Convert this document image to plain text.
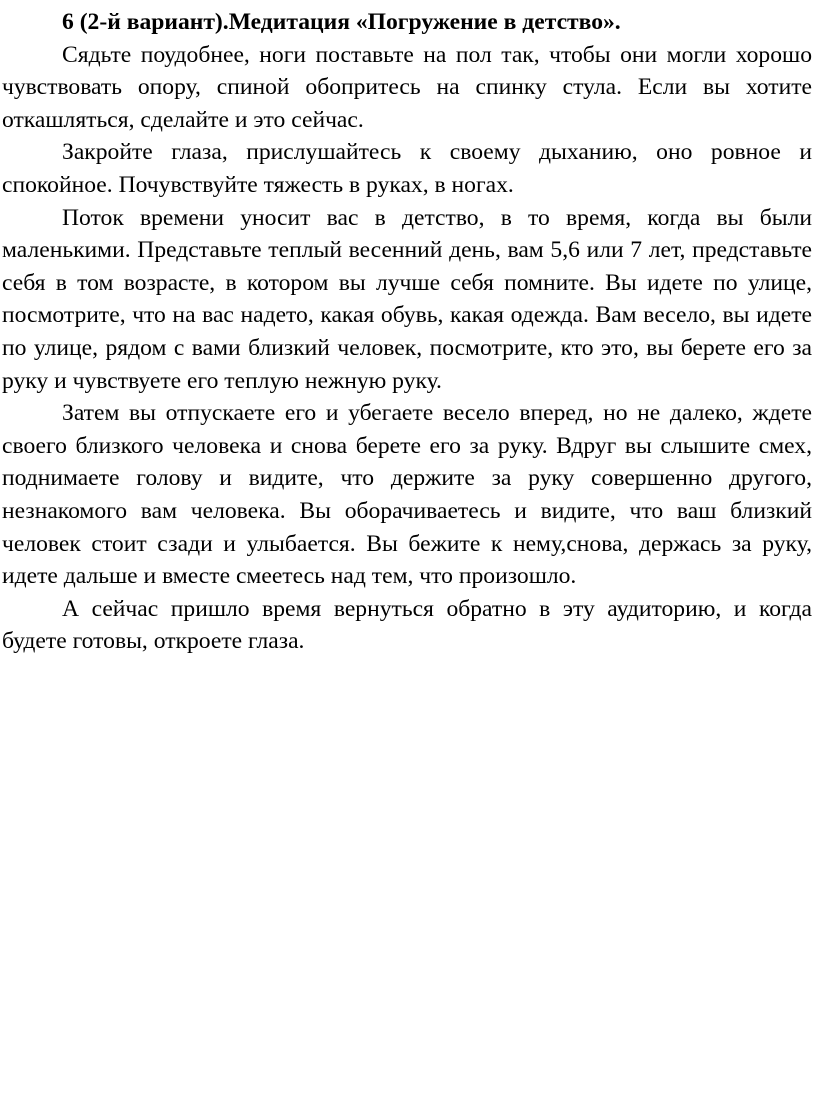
6 (2-й вариант).Медитация «Погружение в детство».

Сядьте поудобнее, ноги поставьте на пол так, чтобы они могли хорошо чувствовать опору, спиной обопритесь на спинку стула. Если вы хотите откашляться, сделайте и это сейчас.

Закройте глаза, прислушайтесь к своему дыханию, оно ровное и спокойное. Почувствуйте тяжесть в руках, в ногах.

Поток времени уносит вас в детство, в то время, когда вы были маленькими. Представьте теплый весенний день, вам 5,6 или 7 лет, представьте себя в том возрасте, в котором вы лучше себя помните. Вы идете по улице, посмотрите, что на вас надето, какая обувь, какая одежда. Вам весело, вы идете по улице, рядом с вами близкий человек, посмотрите, кто это, вы берете его за руку и чувствуете его теплую нежную руку.

Затем вы отпускаете его и убегаете весело вперед, но не далеко, ждете своего близкого человека и снова берете его за руку. Вдруг вы слышите смех, поднимаете голову и видите, что держите за руку совершенно другого, незнакомого вам человека. Вы оборачиваетесь и видите, что ваш близкий человек стоит сзади и улыбается. Вы бежите к нему,снова, держась за руку, идете дальше и вместе смеетесь над тем, что произошло.

А сейчас пришло время вернуться обратно в эту аудиторию, и когда будете готовы, откроете глаза.
